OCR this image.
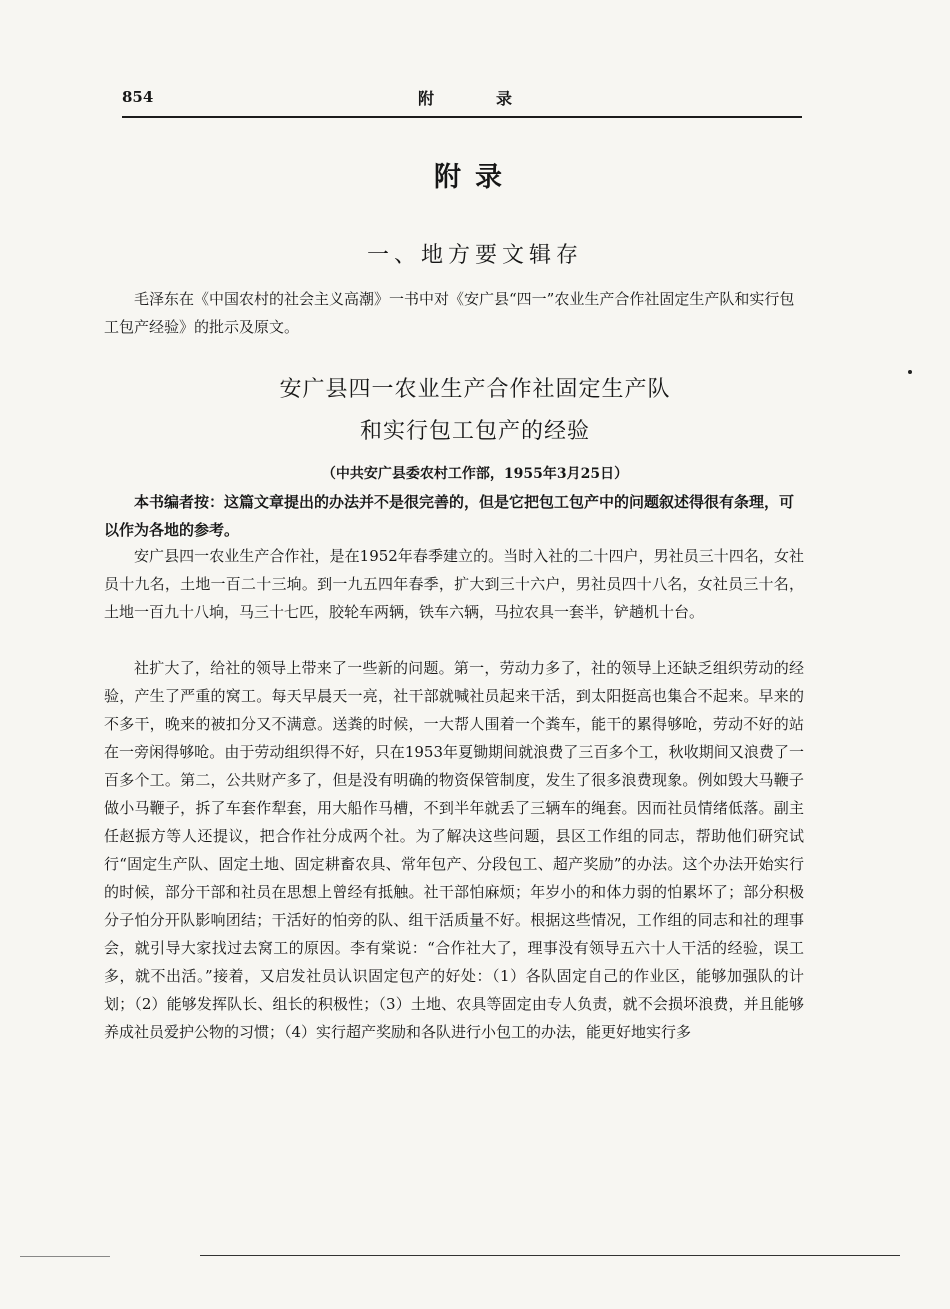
854	附录
附录
一、地方要文辑存

毛泽东在《中国农村的社会主义高潮》一书中对《安广县“四一”农业生产合作社固定生产队和实行包工包产经验》的批示及原文。

安广县四一农业生产合作社固定生产队
和实行包工包产的经验
（中共安广县委农村工作部，1955年3月25日）

本书编者按：这篇文章提出的办法并不是很完善的，但是它把包工包产中的问题叙述得很有条理，可以作为各地的参考。

安广县四一农业生产合作社，是在1952年春季建立的。当时入社的二十四户，男社员三十四名，女社员十九名，土地一百二十三垧。到一九五四年春季，扩大到三十六户，男社员四十八名，女社员三十名，土地一百九十八垧，马三十七匹，胶轮车两辆，铁车六辆，马拉农具一套半，铲趟机十台。

社扩大了，给社的领导上带来了一些新的问题。第一，劳动力多了，社的领导上还缺乏组织劳动的经验，产生了严重的窝工。每天早晨天一亮，社干部就喊社员起来干活，到太阳挺高也集合不起来。早来的不多干，晚来的被扣分又不满意。送粪的时候，一大帮人围着一个粪车，能干的累得够呛，劳动不好的站在一旁闲得够呛。由于劳动组织得不好，只在1953年夏锄期间就浪费了三百多个工，秋收期间又浪费了一百多个工。第二，公共财产多了，但是没有明确的物资保管制度，发生了很多浪费现象。例如毁大马鞭子做小马鞭子，拆了车套作犁套，用大船作马槽，不到半年就丢了三辆车的绳套。因而社员情绪低落。副主任赵振方等人还提议，把合作社分成两个社。为了解决这些问题，县区工作组的同志，帮助他们研究试行“固定生产队、固定土地、固定耕畜农具、常年包产、分段包工、超产奖励”的办法。这个办法开始实行的时候，部分干部和社员在思想上曾经有抵触。社干部怕麻烦；年岁小的和体力弱的怕累坏了；部分积极分子怕分开队影响团结；干活好的怕旁的队、组干活质量不好。根据这些情况，工作组的同志和社的理事会，就引导大家找过去窝工的原因。李有棠说：“合作社大了，理事没有领导五六十人干活的经验，误工多，就不出活。”接着，又启发社员认识固定包产的好处：（1）各队固定自己的作业区，能够加强队的计划；（2）能够发挥队长、组长的积极性；（3）土地、农具等固定由专人负责，就不会损坏浪费，并且能够养成社员爱护公物的习惯；（4）实行超产奖励和各队进行小包工的办法，能更好地实行多
